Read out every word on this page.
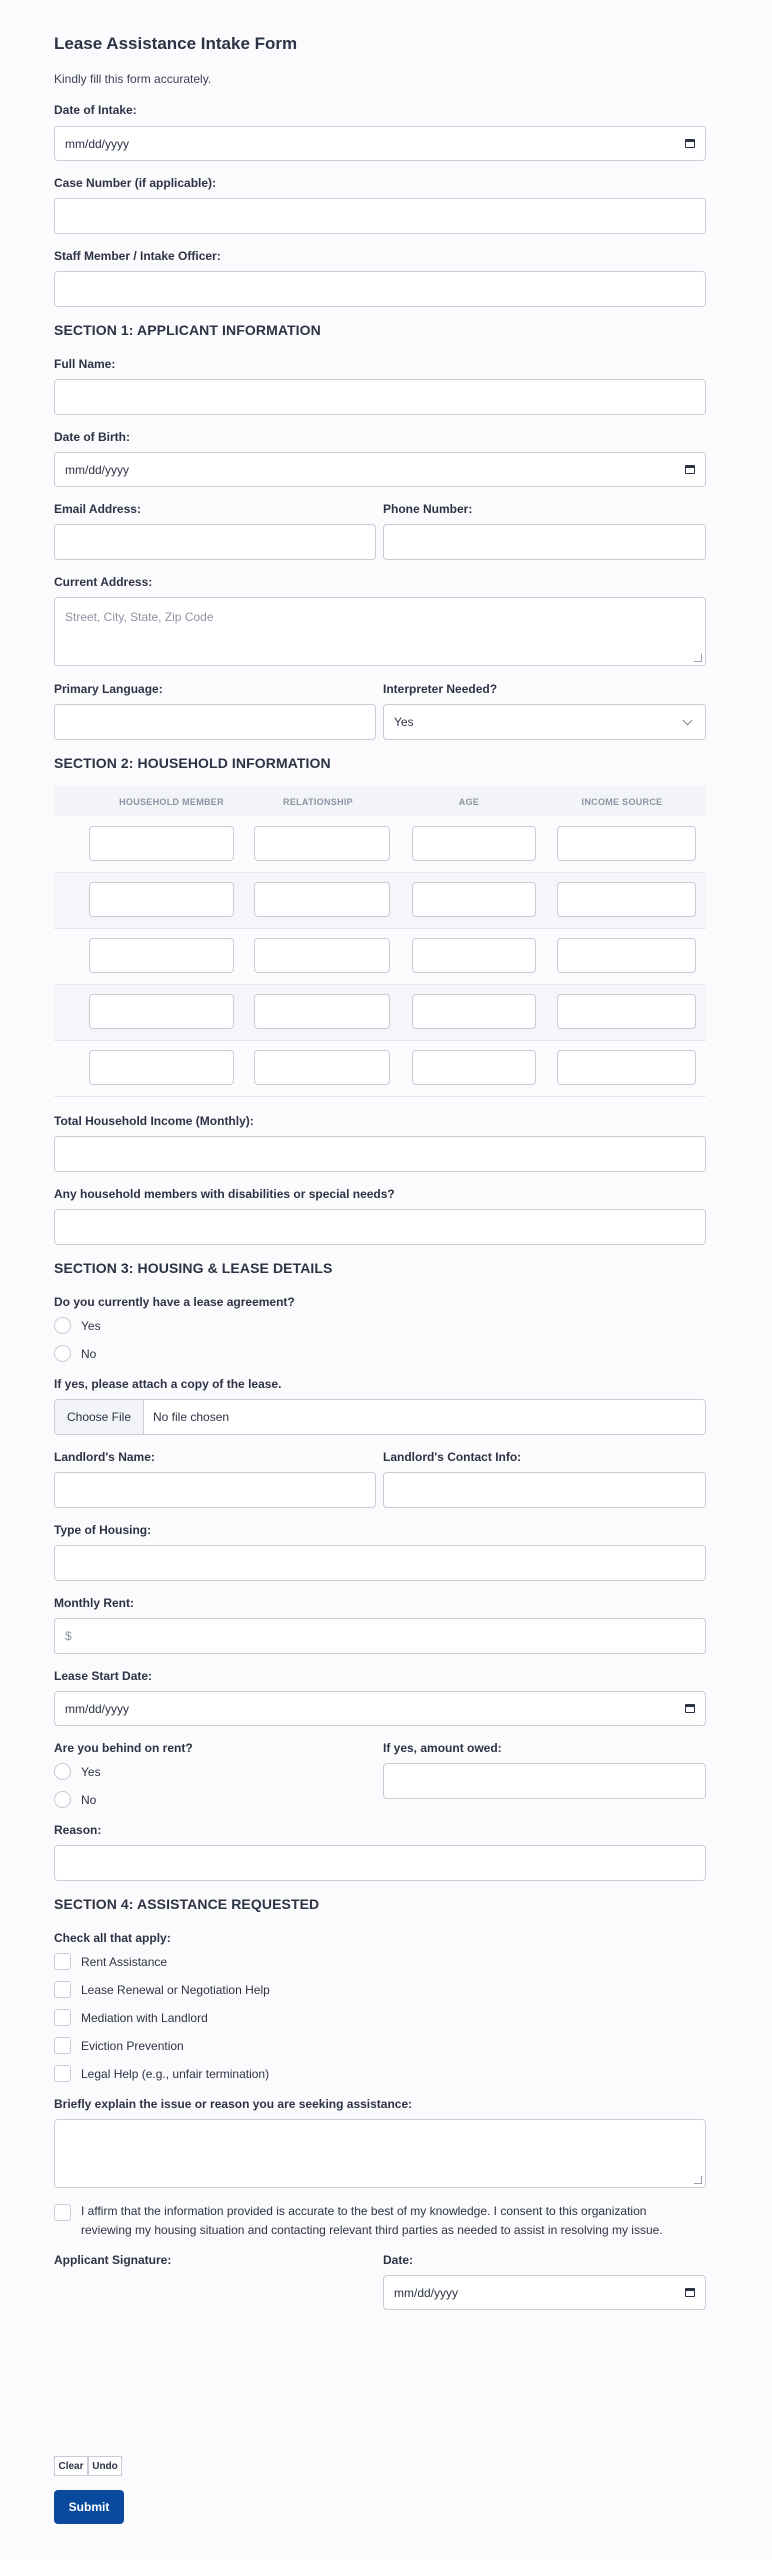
Lease Assistance Intake Form
Kindly fill this form accurately.
Date of Intake:
mm/dd/yyyy
Case Number (if applicable):
Staff Member / Intake Officer:
SECTION 1: APPLICANT INFORMATION
Full Name:
Date of Birth:
mm/dd/yyyy
Email Address:	Phone Number:
Current Address:
Street, City, State, Zip Code
Primary Language:	Interpreter Needed?
Yes
SECTION 2: HOUSEHOLD INFORMATION
HOUSEHOLD MEMBER	RELATIONSHIP	AGE	INCOME SOURCE
Total Household Income (Monthly):
Any household members with disabilities or special needs?
SECTION 3: HOUSING & LEASE DETAILS
Do you currently have a lease agreement?
Yes
No
If yes, please attach a copy of the lease.
Choose File	No file chosen
Landlord's Name:	Landlord's Contact Info:
Type of Housing:
Monthly Rent:
$
Lease Start Date:
mm/dd/yyyy
Are you behind on rent?
Yes
No
If yes, amount owed:
Reason:
SECTION 4: ASSISTANCE REQUESTED
Check all that apply:
Rent Assistance
Lease Renewal or Negotiation Help
Mediation with Landlord
Eviction Prevention
Legal Help (e.g., unfair termination)
Briefly explain the issue or reason you are seeking assistance:
I affirm that the information provided is accurate to the best of my knowledge. I consent to this organization
reviewing my housing situation and contacting relevant third parties as needed to assist in resolving my issue.
Applicant Signature:	Date:
mm/dd/yyyy
Clear Undo
Submit
